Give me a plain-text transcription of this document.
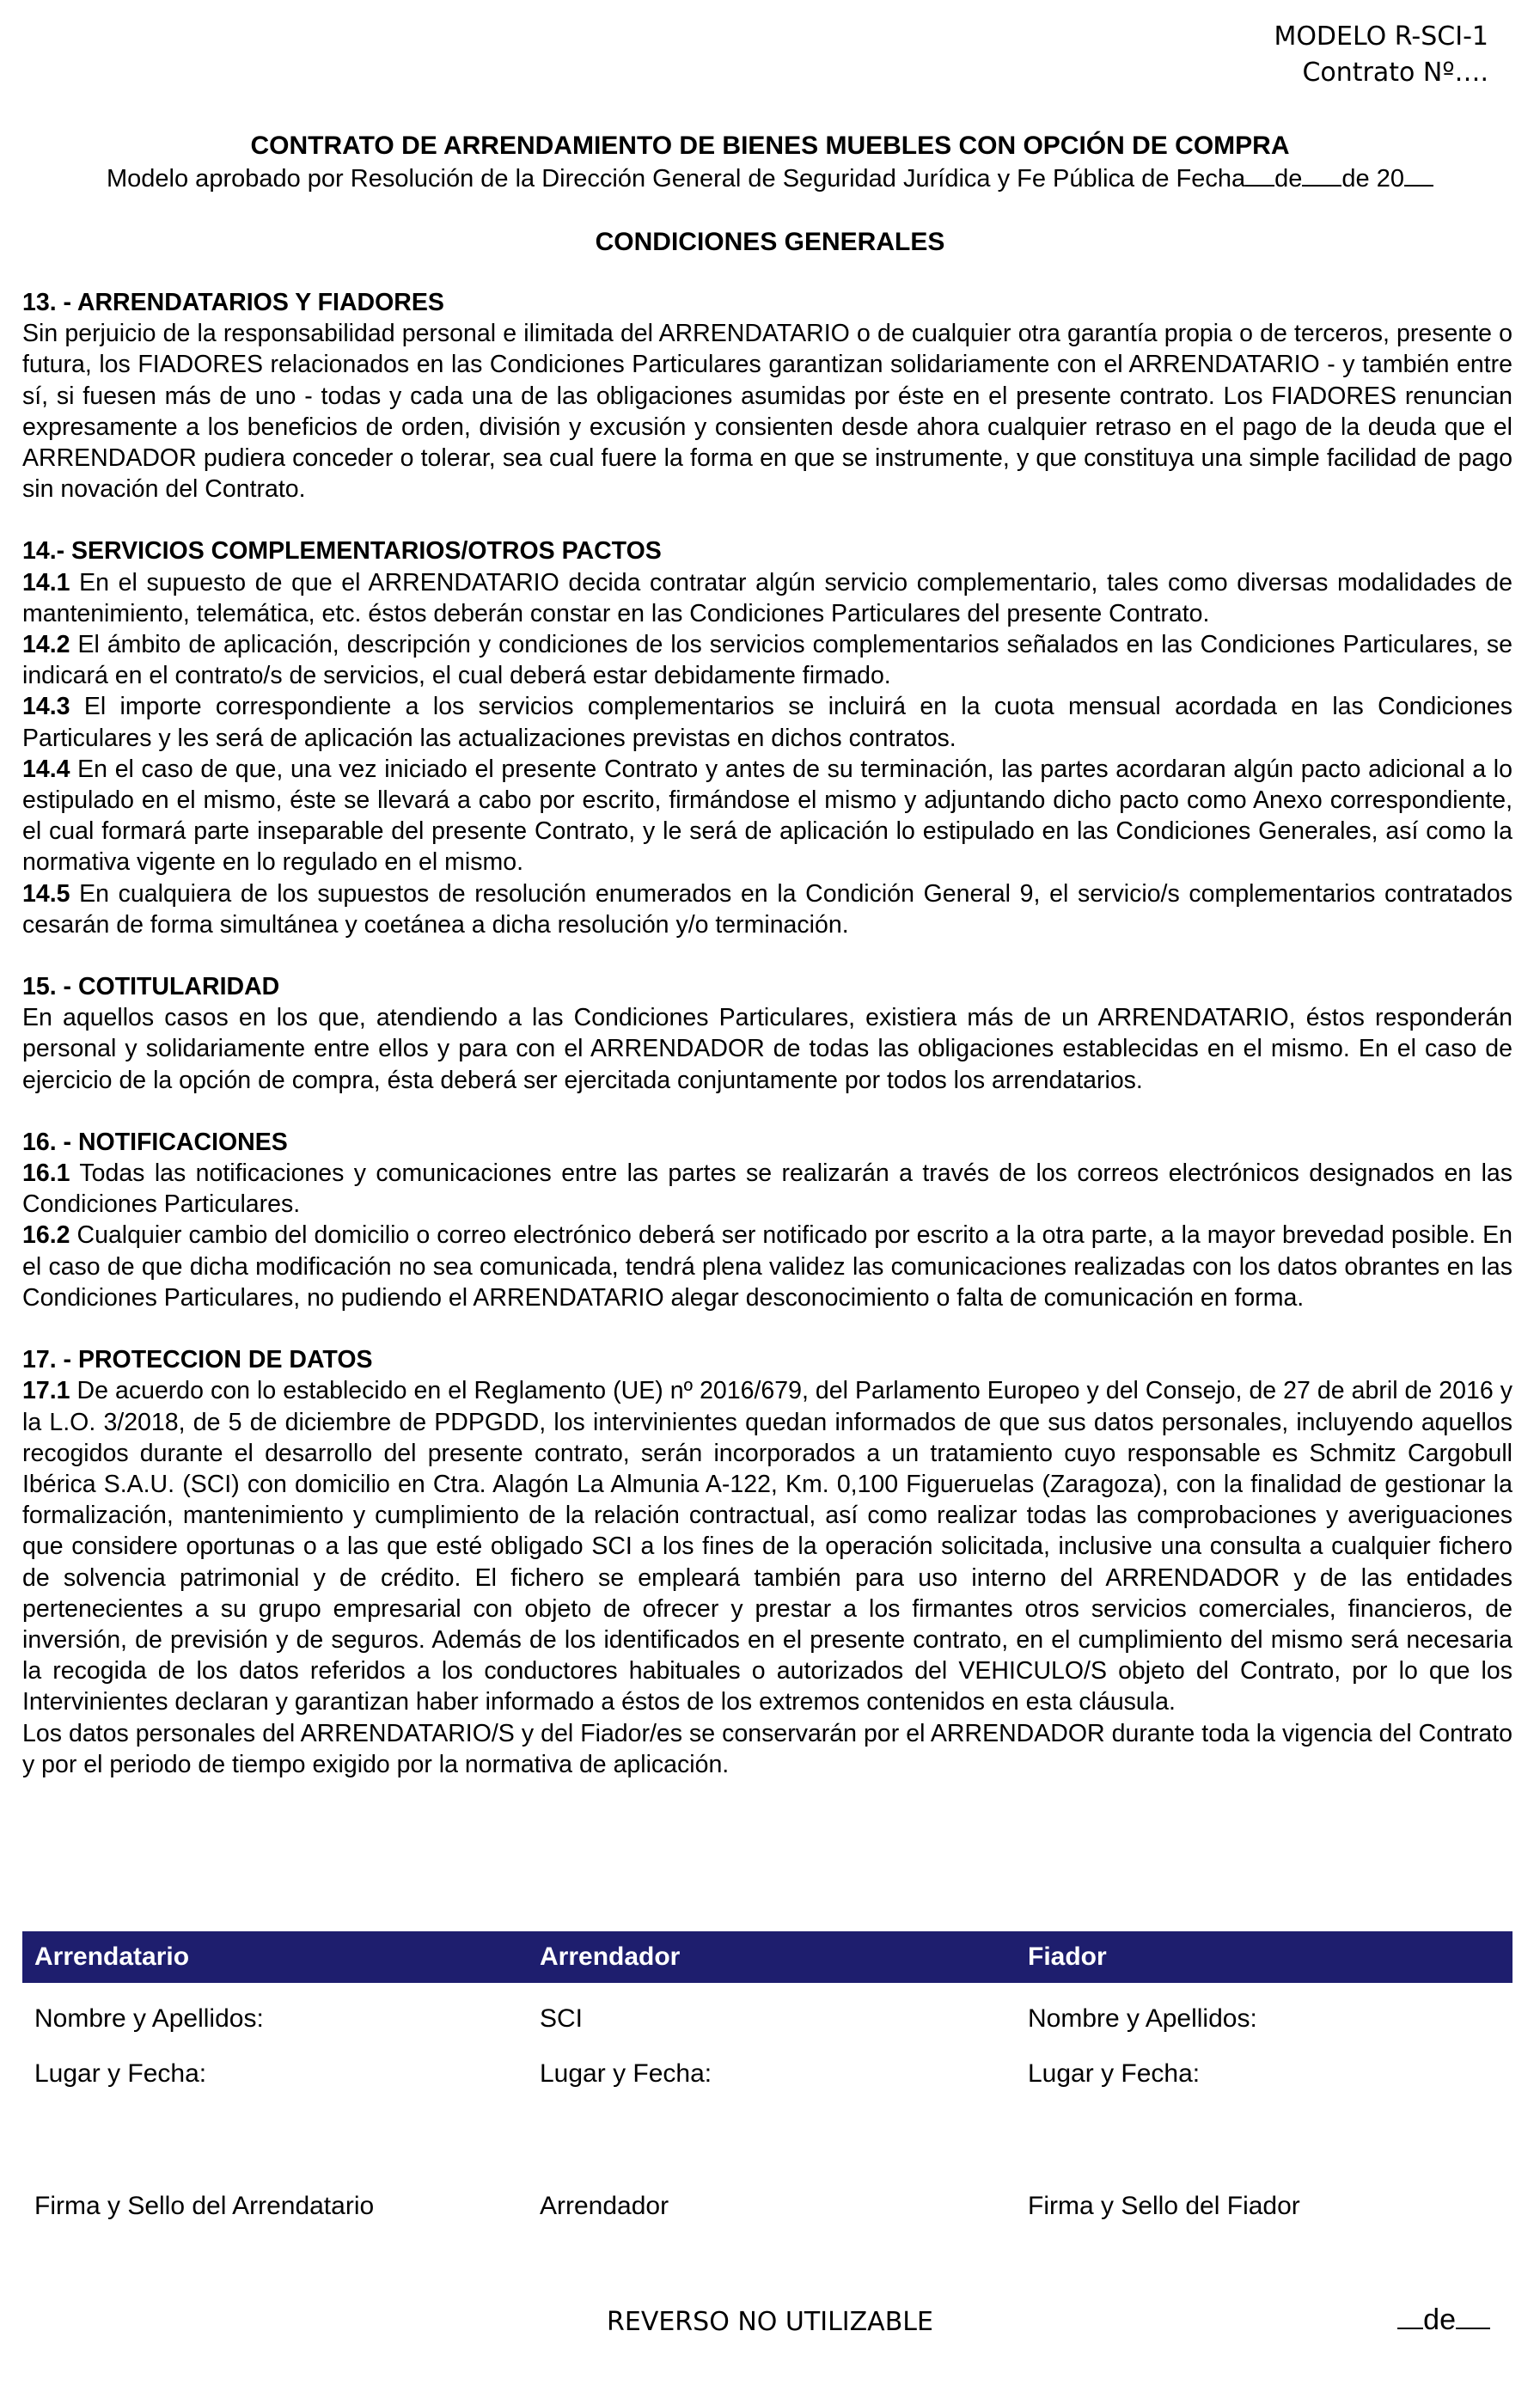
MODELO R-SCI-1
Contrato Nº….
CONTRATO DE ARRENDAMIENTO DE BIENES MUEBLES CON OPCIÓN DE COMPRA
Modelo aprobado por Resolución de la Dirección General de Seguridad Jurídica y Fe Pública de Fecha de de 20
CONDICIONES GENERALES
13. - ARRENDATARIOS Y FIADORES

Sin perjuicio de la responsabilidad personal e ilimitada del ARRENDATARIO o de cualquier otra garantía propia o de terceros, presente o futura, los FIADORES relacionados en las Condiciones Particulares garantizan solidariamente con el ARRENDATARIO - y también entre sí, si fuesen más de uno - todas y cada una de las obligaciones asumidas por éste en el presente contrato. Los FIADORES renuncian expresamente a los beneficios de orden, división y excusión y consienten desde ahora cualquier retraso en el pago de la deuda que el ARRENDADOR pudiera conceder o tolerar, sea cual fuere la forma en que se instrumente, y que constituya una simple facilidad de pago sin novación del Contrato.

14.- SERVICIOS COMPLEMENTARIOS/OTROS PACTOS

14.1 En el supuesto de que el ARRENDATARIO decida contratar algún servicio complementario, tales como diversas modalidades de mantenimiento, telemática, etc. éstos deberán constar en las Condiciones Particulares del presente Contrato.

14.2 El ámbito de aplicación, descripción y condiciones de los servicios complementarios señalados en las Condiciones Particulares, se indicará en el contrato/s de servicios, el cual deberá estar debidamente firmado.

14.3 El importe correspondiente a los servicios complementarios se incluirá en la cuota mensual acordada en las Condiciones Particulares y les será de aplicación las actualizaciones previstas en dichos contratos.

14.4 En el caso de que, una vez iniciado el presente Contrato y antes de su terminación, las partes acordaran algún pacto adicional a lo estipulado en el mismo, éste se llevará a cabo por escrito, firmándose el mismo y adjuntando dicho pacto como Anexo correspondiente, el cual formará parte inseparable del presente Contrato, y le será de aplicación lo estipulado en las Condiciones Generales, así como la normativa vigente en lo regulado en el mismo.

14.5 En cualquiera de los supuestos de resolución enumerados en la Condición General 9, el servicio/s complementarios contratados cesarán de forma simultánea y coetánea a dicha resolución y/o terminación.

15. - COTITULARIDAD

En aquellos casos en los que, atendiendo a las Condiciones Particulares, existiera más de un ARRENDATARIO, éstos responderán personal y solidariamente entre ellos y para con el ARRENDADOR de todas las obligaciones establecidas en el mismo. En el caso de ejercicio de la opción de compra, ésta deberá ser ejercitada conjuntamente por todos los arrendatarios.

16. - NOTIFICACIONES

16.1 Todas las notificaciones y comunicaciones entre las partes se realizarán a través de los correos electrónicos designados en las Condiciones Particulares.

16.2 Cualquier cambio del domicilio o correo electrónico deberá ser notificado por escrito a la otra parte, a la mayor brevedad posible. En el caso de que dicha modificación no sea comunicada, tendrá plena validez las comunicaciones realizadas con los datos obrantes en las Condiciones Particulares, no pudiendo el ARRENDATARIO alegar desconocimiento o falta de comunicación en forma.

17. - PROTECCION DE DATOS

17.1 De acuerdo con lo establecido en el Reglamento (UE) nº 2016/679, del Parlamento Europeo y del Consejo, de 27 de abril de 2016 y la L.O. 3/2018, de 5 de diciembre de PDPGDD, los intervinientes quedan informados de que sus datos personales, incluyendo aquellos recogidos durante el desarrollo del presente contrato, serán incorporados a un tratamiento cuyo responsable es Schmitz Cargobull Ibérica S.A.U. (SCI) con domicilio en Ctra. Alagón La Almunia A-122, Km. 0,100 Figueruelas (Zaragoza), con la finalidad de gestionar la formalización, mantenimiento y cumplimiento de la relación contractual, así como realizar todas las comprobaciones y averiguaciones que considere oportunas o a las que esté obligado SCI a los fines de la operación solicitada, inclusive una consulta a cualquier fichero de solvencia patrimonial y de crédito. El fichero se empleará también para uso interno del ARRENDADOR y de las entidades pertenecientes a su grupo empresarial con objeto de ofrecer y prestar a los firmantes otros servicios comerciales, financieros, de inversión, de previsión y de seguros. Además de los identificados en el presente contrato, en el cumplimiento del mismo será necesaria la recogida de los datos referidos a los conductores habituales o autorizados del VEHICULO/S objeto del Contrato, por lo que los Intervinientes declaran y garantizan haber informado a éstos de los extremos contenidos en esta cláusula.

Los datos personales del ARRENDATARIO/S y del Fiador/es se conservarán por el ARRENDADOR durante toda la vigencia del Contrato y por el periodo de tiempo exigido por la normativa de aplicación.

Arrendatario	Arrendador	Fiador
Nombre y Apellidos:	SCI	Nombre y Apellidos:
Lugar y Fecha:	Lugar y Fecha:	Lugar y Fecha:
Firma y Sello del Arrendatario	Arrendador	Firma y Sello del Fiador
REVERSO NO UTILIZABLE	de
